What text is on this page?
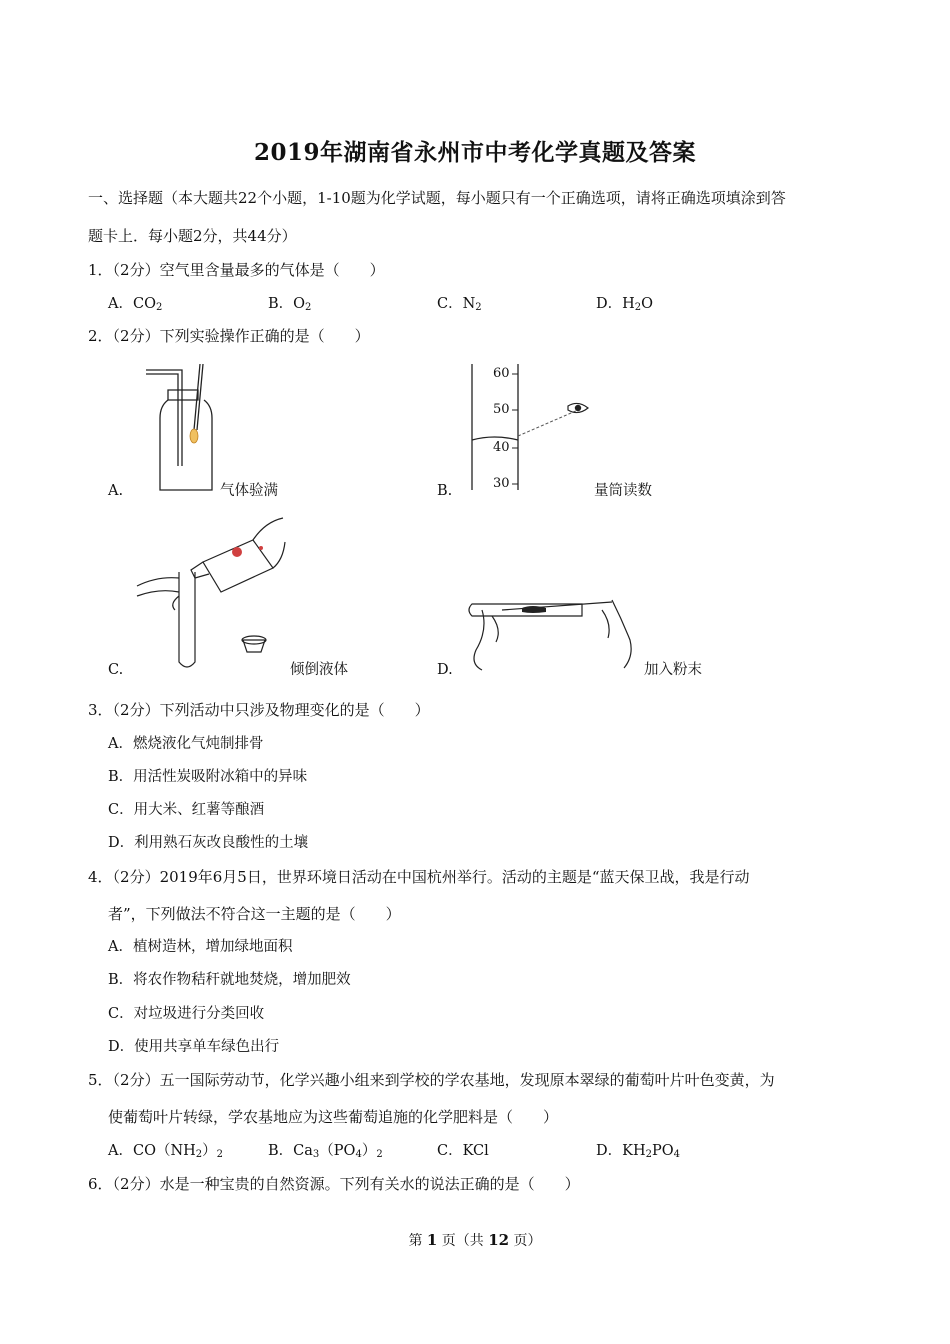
2019年湖南省永州市中考化学真题及答案
一、选择题（本大题共22个小题，1-10题为化学试题，每小题只有一个正确选项，请将正确选项填涂到答
题卡上．每小题2分，共44分）
1．（2分）空气里含量最多的气体是（　　）
A．$CO_2$	B．$O_2$	C．$N_2$	D．$H_2O$
2．（2分）下列实验操作正确的是（　　）
A.	气体验满
60
50
40
30
B.	量筒读数
C.	倾倒液体	D.	加入粉末
3．（2分）下列活动中只涉及物理变化的是（　　）
A．燃烧液化气炖制排骨
B．用活性炭吸附冰箱中的异味
C．用大米、红薯等酿酒
D．利用熟石灰改良酸性的土壤
4．（2分）2019年6月5日，世界环境日活动在中国杭州举行。活动的主题是“蓝天保卫战，我是行动
者”，下列做法不符合这一主题的是（　　）
A．植树造林，增加绿地面积
B．将农作物秸秆就地焚烧，增加肥效
C．对垃圾进行分类回收
D．使用共享单车绿色出行
5．（2分）五一国际劳动节，化学兴趣小组来到学校的学农基地，发现原本翠绿的葡萄叶片叶色变黄，为
使葡萄叶片转绿，学农基地应为这些葡萄追施的化学肥料是（　　）
A．$CO(NH_2)_2$	B．$Ca_3(PO_4)_2$	C．KCl	D．$KH_2PO_4$
6．（2分）水是一种宝贵的自然资源。下列有关水的说法正确的是（　　）
第 1 页（共 12 页）
